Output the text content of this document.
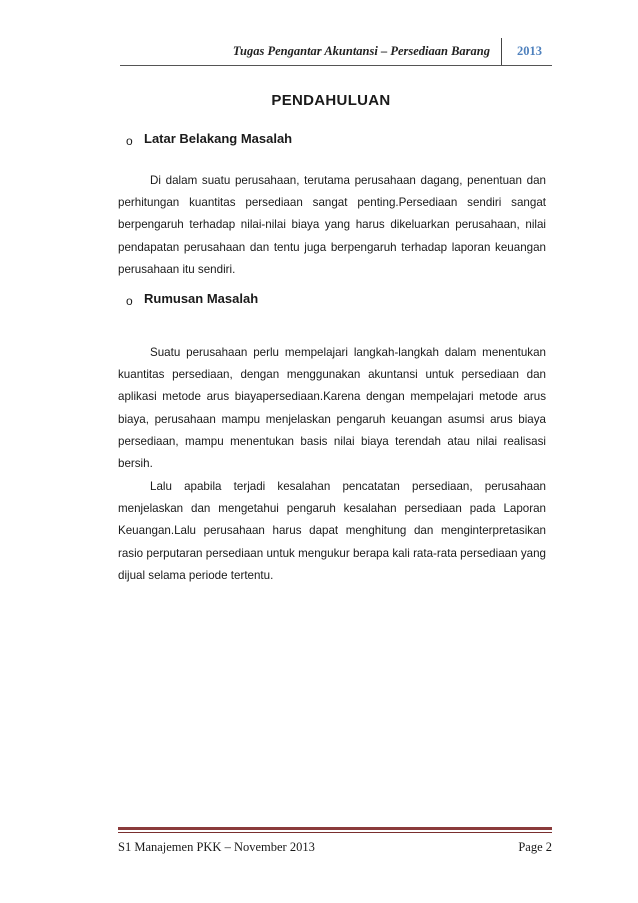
Tugas Pengantar Akuntansi – Persediaan Barang 2013
PENDAHULUAN
o Latar Belakang Masalah

Di dalam suatu perusahaan, terutama perusahaan dagang, penentuan dan perhitungan kuantitas persediaan sangat penting.Persediaan sendiri sangat berpengaruh terhadap nilai-nilai biaya yang harus dikeluarkan perusahaan, nilai pendapatan perusahaan dan tentu juga berpengaruh terhadap laporan keuangan perusahaan itu sendiri.

o Rumusan Masalah

Suatu perusahaan perlu mempelajari langkah-langkah dalam menentukan kuantitas persediaan, dengan menggunakan akuntansi untuk persediaan dan aplikasi metode arus biayapersediaan.Karena dengan mempelajari metode arus biaya, perusahaan mampu menjelaskan pengaruh keuangan asumsi arus biaya persediaan, mampu menentukan basis nilai biaya terendah atau nilai realisasi bersih.

Lalu apabila terjadi kesalahan pencatatan persediaan, perusahaan menjelaskan dan mengetahui pengaruh kesalahan persediaan pada Laporan Keuangan.Lalu perusahaan harus dapat menghitung dan menginterpretasikan rasio perputaran persediaan untuk mengukur berapa kali rata-rata persediaan yang dijual selama periode tertentu.

S1 Manajemen PKK – November 2013	Page 2
